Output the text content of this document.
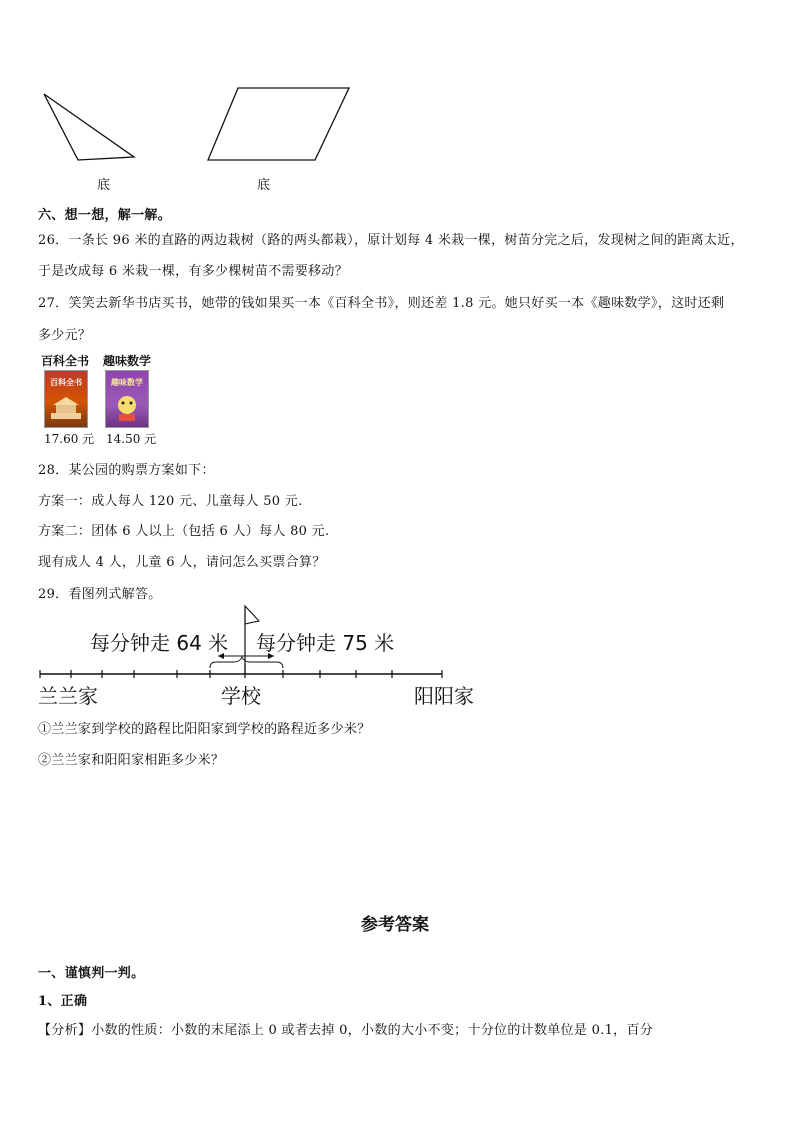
底	底
六、想一想，解一解。
26．一条长 96 米的直路的两边栽树（路的两头都栽），原计划每 4 米栽一棵，树苗分完之后，发现树之间的距离太近，
于是改成每 6 米栽一棵，有多少棵树苗不需要移动？
27．笑笑去新华书店买书，她带的钱如果买一本《百科全书》，则还差 1.8 元。她只好买一本《趣味数学》，这时还剩
多少元？
百科全书
百科全书
17.60 元
趣味数学
趣味数学
14.50 元
28．某公园的购票方案如下：
方案一：成人每人 120 元、儿童每人 50 元.
方案二：团体 6 人以上（包括 6 人）每人 80 元.
现有成人 4 人，儿童 6 人，请问怎么买票合算？
29．看图列式解答。
每分钟走 64 米 每分钟走 75 米
兰兰家	学校	阳阳家
①兰兰家到学校的路程比阳阳家到学校的路程近多少米？
②兰兰家和阳阳家相距多少米？
参考答案
一、谨慎判一判。
1、正确
【分析】小数的性质：小数的末尾添上 0 或者去掉 0，小数的大小不变；十分位的计数单位是 0.1，百分
